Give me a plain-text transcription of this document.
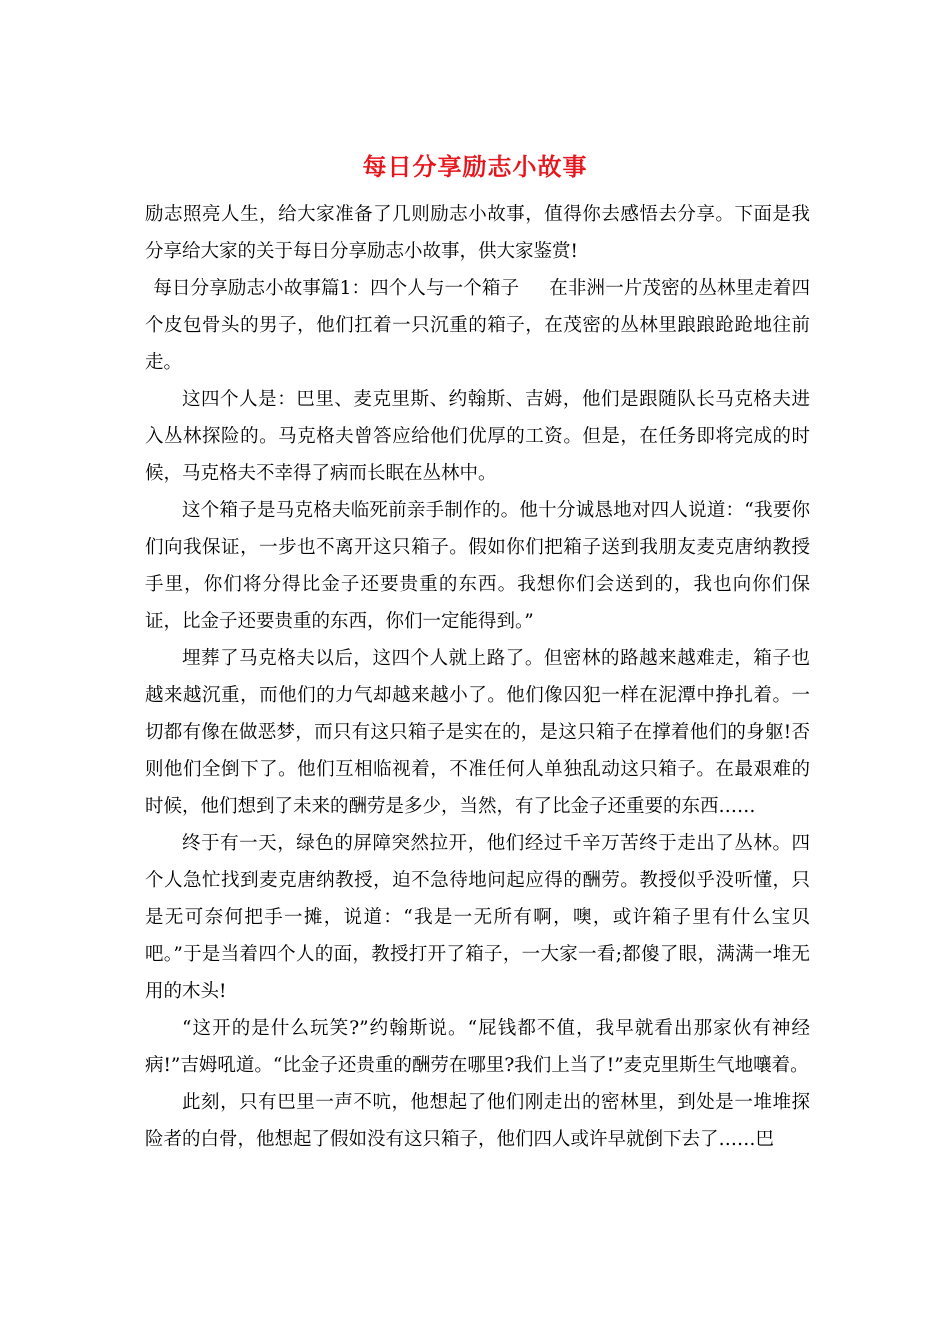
每日分享励志小故事

励志照亮人生，给大家准备了几则励志小故事，值得你去感悟去分享。下面是我分享给大家的关于每日分享励志小故事，供大家鉴赏!

每日分享励志小故事篇1：四个人与一个箱子 在非洲一片茂密的丛林里走着四个皮包骨头的男子，他们扛着一只沉重的箱子，在茂密的丛林里踉踉跄跄地往前走。

这四个人是：巴里、麦克里斯、约翰斯、吉姆，他们是跟随队长马克格夫进入丛林探险的。马克格夫曾答应给他们优厚的工资。但是，在任务即将完成的时候，马克格夫不幸得了病而长眠在丛林中。

这个箱子是马克格夫临死前亲手制作的。他十分诚恳地对四人说道：“我要你们向我保证，一步也不离开这只箱子。假如你们把箱子送到我朋友麦克唐纳教授手里，你们将分得比金子还要贵重的东西。我想你们会送到的，我也向你们保证，比金子还要贵重的东西，你们一定能得到。”

埋葬了马克格夫以后，这四个人就上路了。但密林的路越来越难走，箱子也越来越沉重，而他们的力气却越来越小了。他们像囚犯一样在泥潭中挣扎着。一切都有像在做恶梦，而只有这只箱子是实在的，是这只箱子在撑着他们的身躯!否则他们全倒下了。他们互相临视着，不准任何人单独乱动这只箱子。在最艰难的时候，他们想到了未来的酬劳是多少，当然，有了比金子还重要的东西……

终于有一天，绿色的屏障突然拉开，他们经过千辛万苦终于走出了丛林。四个人急忙找到麦克唐纳教授，迫不急待地问起应得的酬劳。教授似乎没听懂，只是无可奈何把手一摊，说道：“我是一无所有啊，噢，或许箱子里有什么宝贝吧。”于是当着四个人的面，教授打开了箱子，一大家一看;都傻了眼，满满一堆无用的木头!

“这开的是什么玩笑?”约翰斯说。“屁钱都不值，我早就看出那家伙有神经病!”吉姆吼道。“比金子还贵重的酬劳在哪里?我们上当了!”麦克里斯生气地嚷着。

此刻，只有巴里一声不吭，他想起了他们刚走出的密林里，到处是一堆堆探险者的白骨，他想起了假如没有这只箱子，他们四人或许早就倒下去了……巴
